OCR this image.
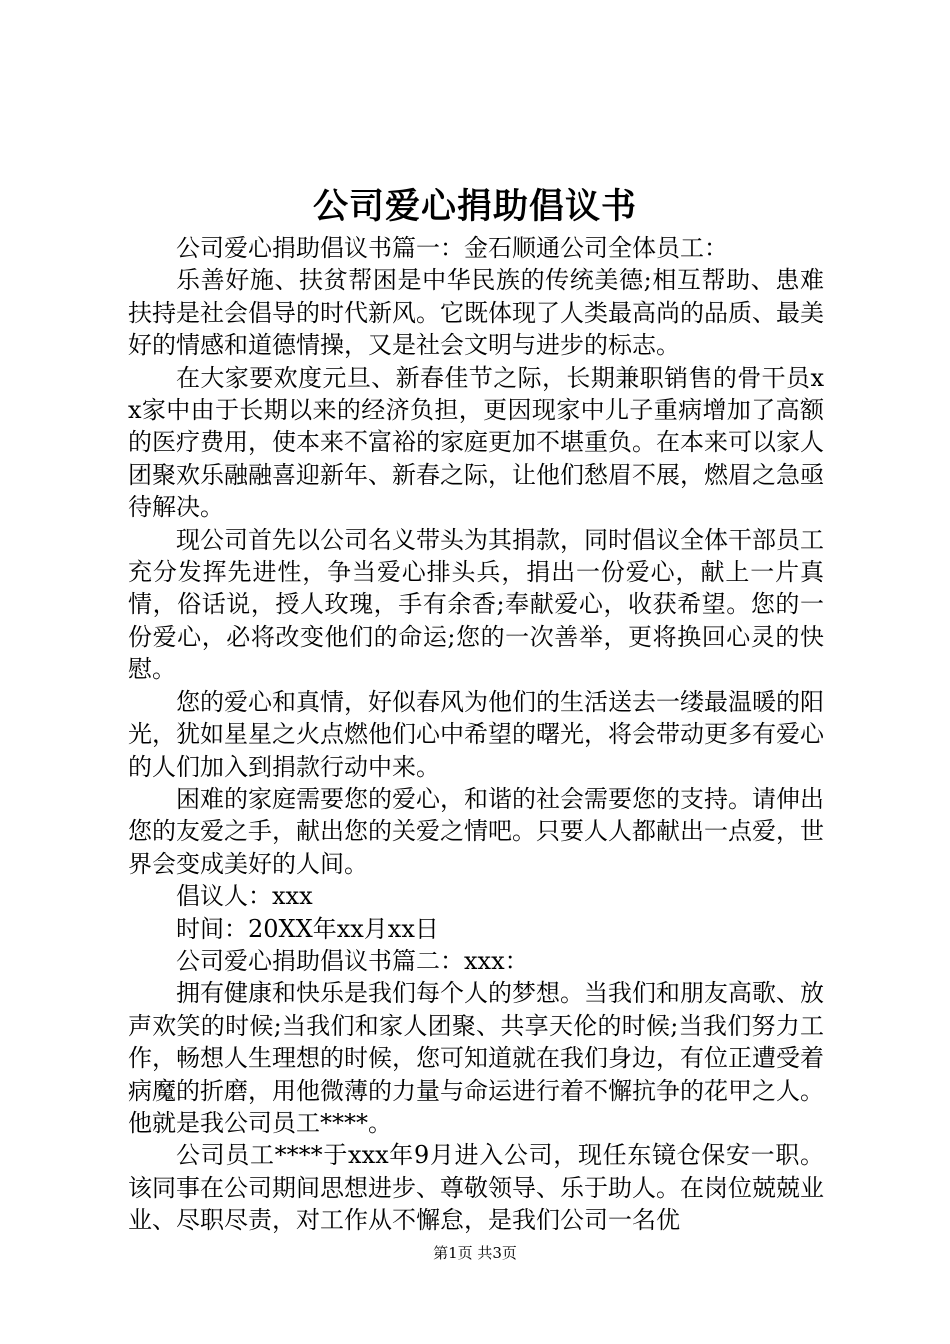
公司爱心捐助倡议书

公司爱心捐助倡议书篇一：金石顺通公司全体员工：

乐善好施、扶贫帮困是中华民族的传统美德;相互帮助、患难扶持是社会倡导的时代新风。它既体现了人类最高尚的品质、最美好的情感和道德情操，又是社会文明与进步的标志。

在大家要欢度元旦、新春佳节之际，长期兼职销售的骨干员xx家中由于长期以来的经济负担，更因现家中儿子重病增加了高额的医疗费用，使本来不富裕的家庭更加不堪重负。在本来可以家人团聚欢乐融融喜迎新年、新春之际，让他们愁眉不展，燃眉之急亟待解决。

现公司首先以公司名义带头为其捐款，同时倡议全体干部员工充分发挥先进性，争当爱心排头兵，捐出一份爱心，献上一片真情，俗话说，授人玫瑰，手有余香;奉献爱心，收获希望。您的一份爱心，必将改变他们的命运;您的一次善举，更将换回心灵的快慰。

您的爱心和真情，好似春风为他们的生活送去一缕最温暖的阳光，犹如星星之火点燃他们心中希望的曙光，将会带动更多有爱心的人们加入到捐款行动中来。

困难的家庭需要您的爱心，和谐的社会需要您的支持。请伸出您的友爱之手，献出您的关爱之情吧。只要人人都献出一点爱，世界会变成美好的人间。

倡议人：xxx

时间：20XX年xx月xx日

公司爱心捐助倡议书篇二：xxx：

拥有健康和快乐是我们每个人的梦想。当我们和朋友高歌、放声欢笑的时候;当我们和家人团聚、共享天伦的时候;当我们努力工作，畅想人生理想的时候，您可知道就在我们身边，有位正遭受着病魔的折磨，用他微薄的力量与命运进行着不懈抗争的花甲之人。他就是我公司员工****。

公司员工****于xxx年9月进入公司，现任东镜仓保安一职。该同事在公司期间思想进步、尊敬领导、乐于助人。在岗位兢兢业业、尽职尽责，对工作从不懈怠，是我们公司一名优

第1页 共3页
